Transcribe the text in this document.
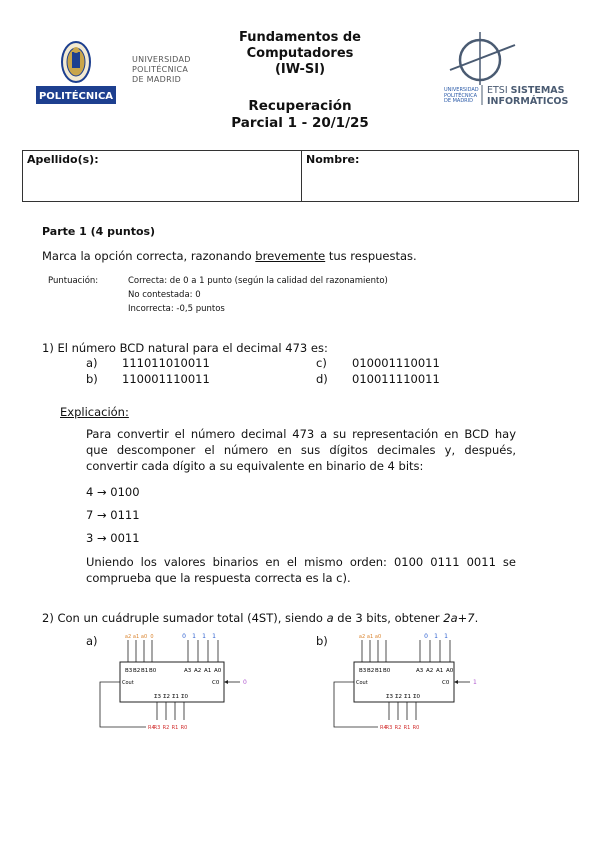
POLITÉCNICA
UNIVERSIDAD
POLITÉCNICA
DE MADRID
Fundamentos de
Computadores
(IW-SI)
Recuperación
Parcial 1 - 20/1/25
UNIVERSIDAD
POLITÉCNICA
DE MADRID
ETSI SISTEMAS
INFORMÁTICOS
Apellido(s):	Nombre:
Parte 1 (4 puntos)
Marca la opción correcta, razonando brevemente tus respuestas.
Puntuación:	Correcta: de 0 a 1 punto (según la calidad del razonamiento)
No contestada: 0
Incorrecta: -0,5 puntos
1) El número BCD natural para el decimal 473 es:
a) 111011010011	c) 010001110011
b) 110001110011	d) 010011110011
Explicación:
Para convertir el número decimal 473 a su representación en BCD hay que descomponer el número en sus dígitos decimales y, después, convertir cada dígito a su equivalente en binario de 4 bits:
4 → 0100
7 → 0111
3 → 0011
Uniendo los valores binarios en el mismo orden: 0100 0111 0011 se comprueba que la respuesta correcta es la c).
2) Con un cuádruple sumador total (4ST), siendo a de 3 bits, obtener 2a+7.
a)	b)
a2 a1 a0 0	0 1 1 1
B3 B2 B1 B0	A3 A2 A1 A0
Cout	C0	0
Σ3 Σ2 Σ1 Σ0
R4 R3 R2 R1 R0
a2 a1 a0	0 1 1
B3 B2 B1 B0	A3 A2 A1 A0
Cout	C0	1
Σ3 Σ2 Σ1 Σ0
R4 R3 R2 R1 R0
